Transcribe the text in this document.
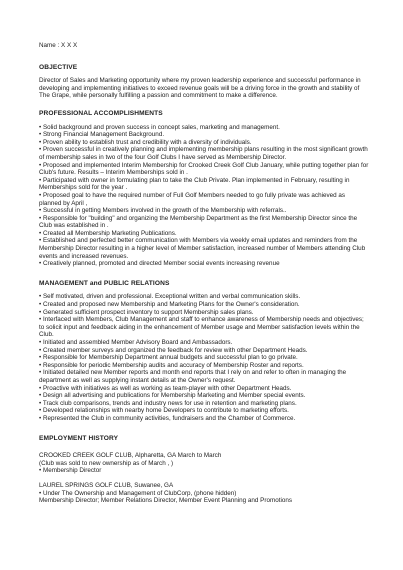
Name : X X X
OBJECTIVE
Director of Sales and Marketing opportunity where my proven leadership experience and successful performance in developing and implementing initiatives to exceed revenue goals will be a driving force in the growth and stability of The Grape, while personally fulfilling a passion and commitment to make a difference.
PROFESSIONAL ACCOMPLISHMENTS
• Solid background and proven success in concept sales, marketing and management.
• Strong Financial Management Background.
• Proven ability to establish trust and credibility with a diversity of individuals.
• Proven successful in creatively planning and implementing membership plans resulting in the most significant growth of membership sales in two of the four Golf Clubs I have served as Membership Director.
• Proposed and implemented Interim Membership for Crooked Creek Golf Club January, while putting together plan for Club's future. Results – Interim Memberships sold in .
• Participated with owner in formulating plan to take the Club Private. Plan implemented in February, resulting in Memberships sold for the year .
• Proposed goal to have the required number of Full Golf Members needed to go fully private was achieved as planned by April ,
• Successful in getting Members involved in the growth of the Membership with referrals..
• Responsible for "building" and organizing the Membership Department as the first Membership Director since the Club was established in .
• Created all Membership Marketing Publications.
• Established and perfected better communication with Members via weekly email updates and reminders from the Membership Director resulting in a higher level of Member satisfaction, increased number of Members attending Club events and increased revenues.
• Creatively planned, promoted and directed Member social events increasing revenue
MANAGEMENT and PUBLIC RELATIONS
• Self motivated, driven and professional. Exceptional written and verbal communication skills.
• Created and proposed new Membership and Marketing Plans for the Owner's consideration.
• Generated sufficient prospect inventory to support Membership sales plans.
• Interfaced with Members, Club Management and staff to enhance awareness of Membership needs and objectives; to solicit input and feedback aiding in the enhancement of Member usage and Member satisfaction levels within the Club.
• Initiated and assembled Member Advisory Board and Ambassadors.
• Created member surveys and organized the feedback for review with other Department Heads.
• Responsible for Membership Department annual budgets and successful plan to go private.
• Responsible for periodic Membership audits and accuracy of Membership Roster and reports.
• Initiated detailed new Member reports and month end reports that I rely on and refer to often in managing the department as well as supplying instant details at the Owner's request.
• Proactive with initiatives as well as working as team-player with other Department Heads.
• Design all advertising and publications for Membership Marketing and Member special events.
• Track club comparisons, trends and industry news for use in retention and marketing plans.
• Developed relationships with nearby home Developers to contribute to marketing efforts.
• Represented the Club in community activities, fundraisers and the Chamber of Commerce.
EMPLOYMENT HISTORY
CROOKED CREEK GOLF CLUB, Alpharetta, GA March to March
(Club was sold to new ownership as of March , )
• Membership Director
LAUREL SPRINGS GOLF CLUB, Suwanee, GA
• Under The Ownership and Management of ClubCorp, (phone hidden)
Membership Director; Member Relations Director, Member Event Planning and Promotions
